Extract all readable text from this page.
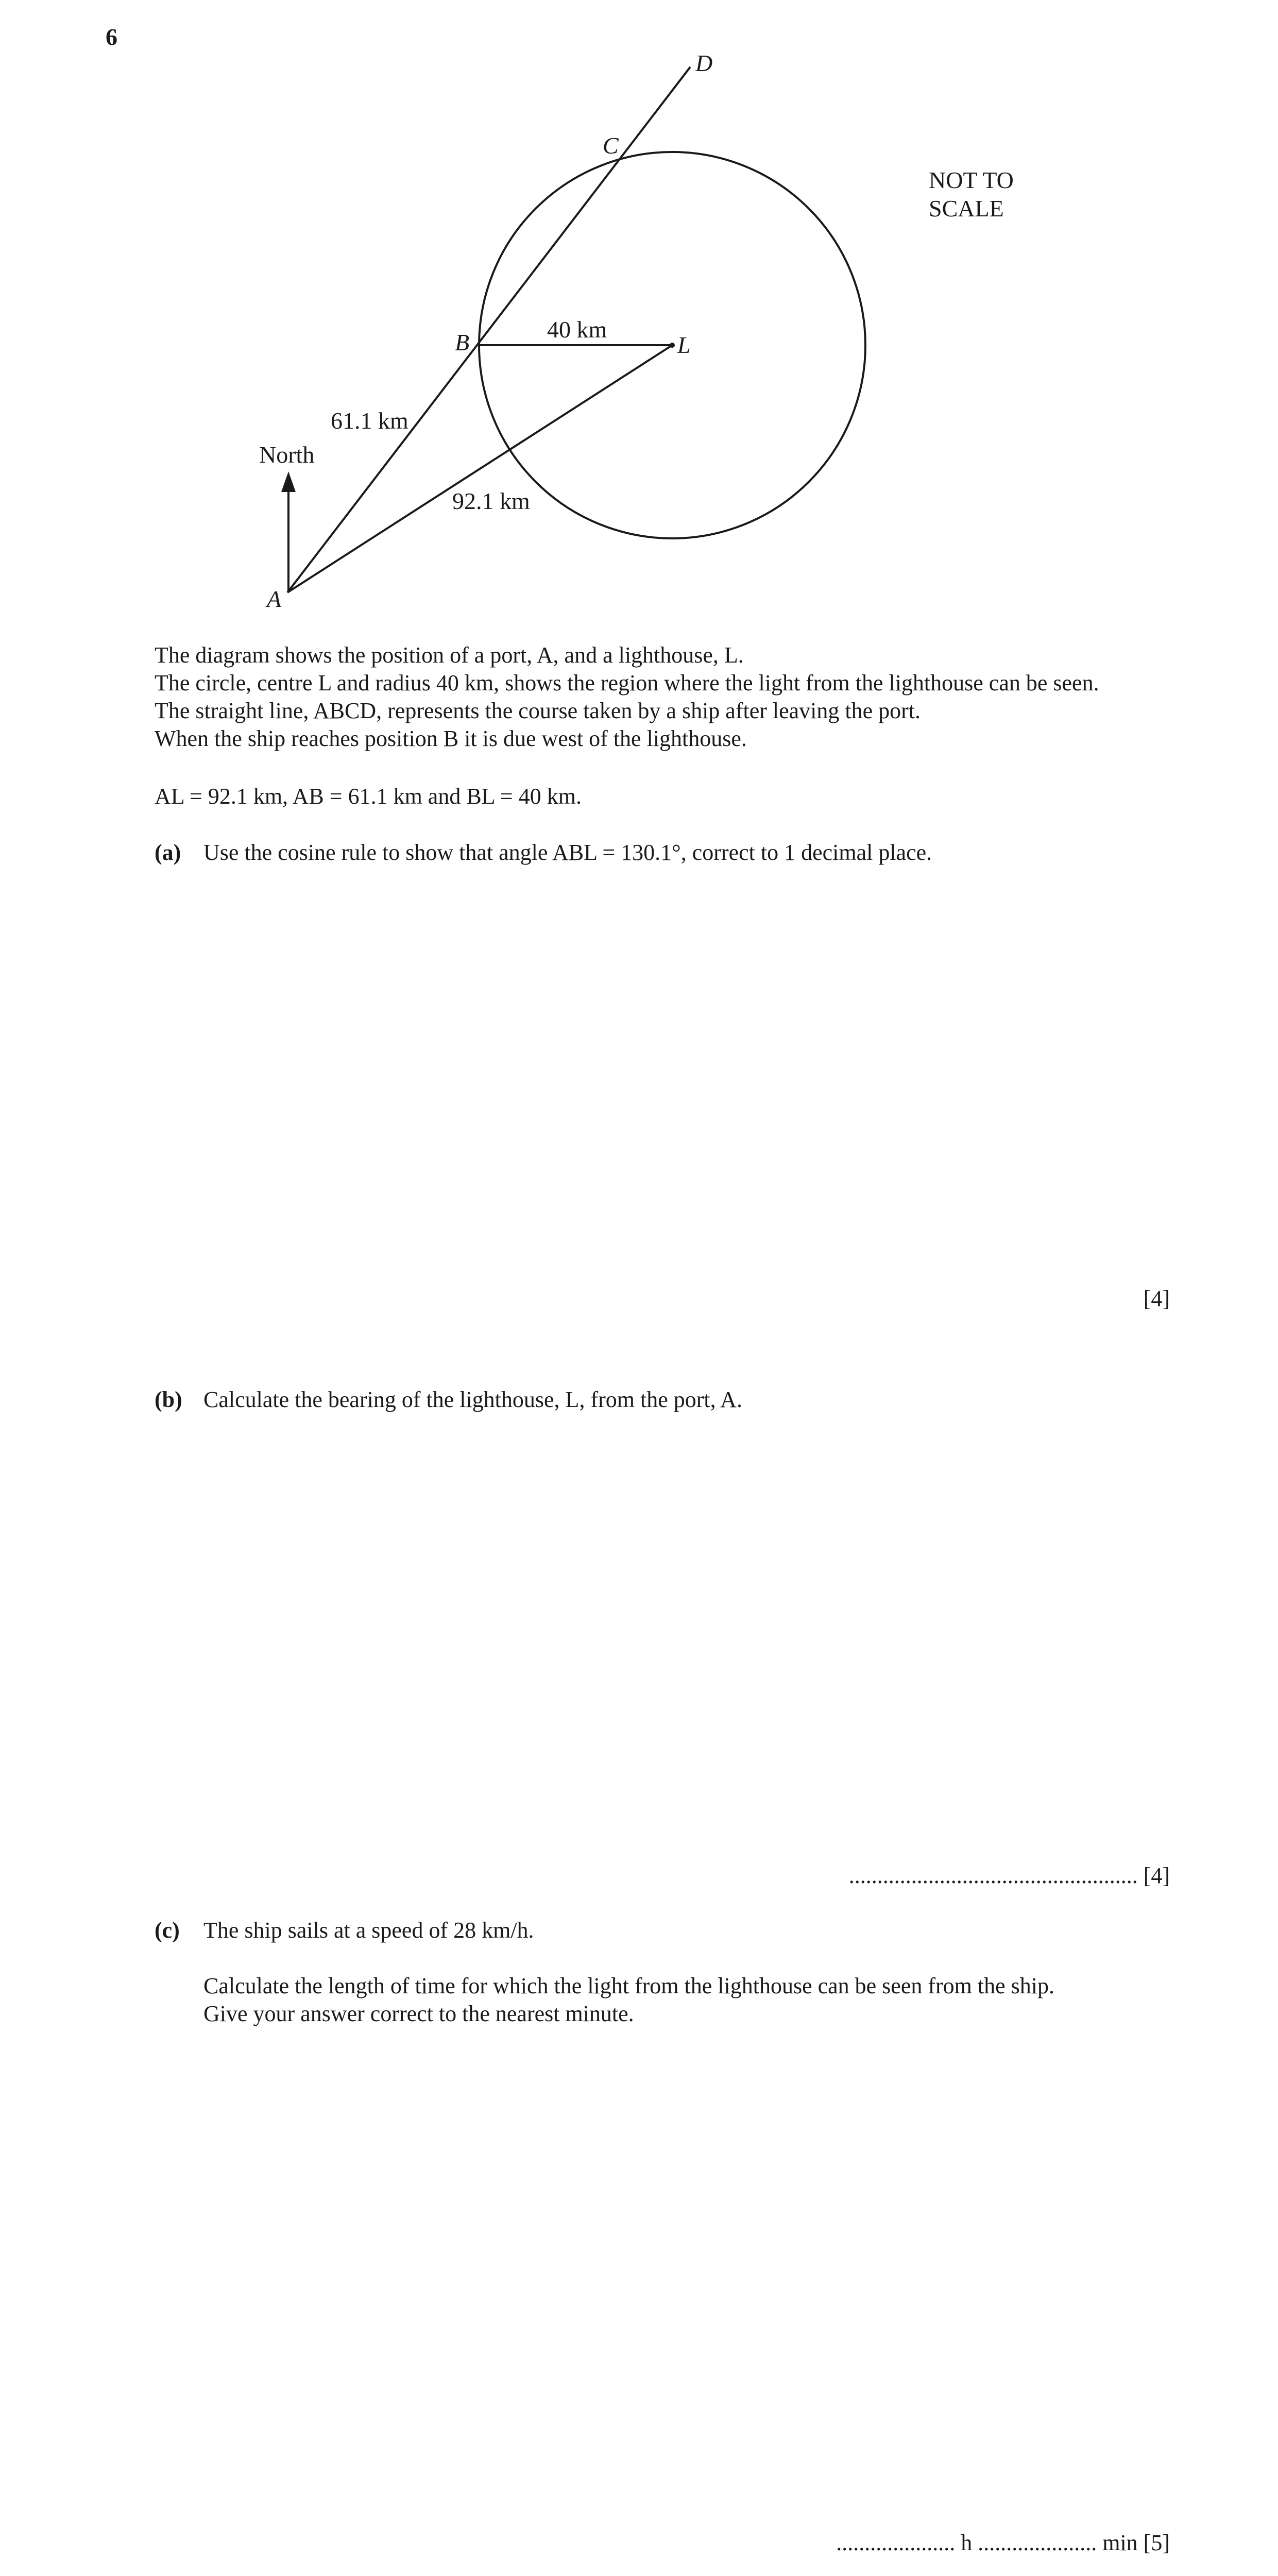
6
D
C
B	L
A
40 km
61.1 km
92.1 km
North
NOT TO
SCALE
The diagram shows the position of a port, A, and a lighthouse, L.
The circle, centre L and radius 40 km, shows the region where the light from the lighthouse can be seen.
The straight line, ABCD, represents the course taken by a ship after leaving the port.
When the ship reaches position B it is due west of the lighthouse.
AL = 92.1 km, AB = 61.1 km and BL = 40 km.
(a) Use the cosine rule to show that angle ABL = 130.1°, correct to 1 decimal place.
[4]
(b) Calculate the bearing of the lighthouse, L, from the port, A.
................................................... [4]
(c) The ship sails at a speed of 28 km/h.
Calculate the length of time for which the light from the lighthouse can be seen from the ship.
Give your answer correct to the nearest minute.
..................... h ..................... min [5]
